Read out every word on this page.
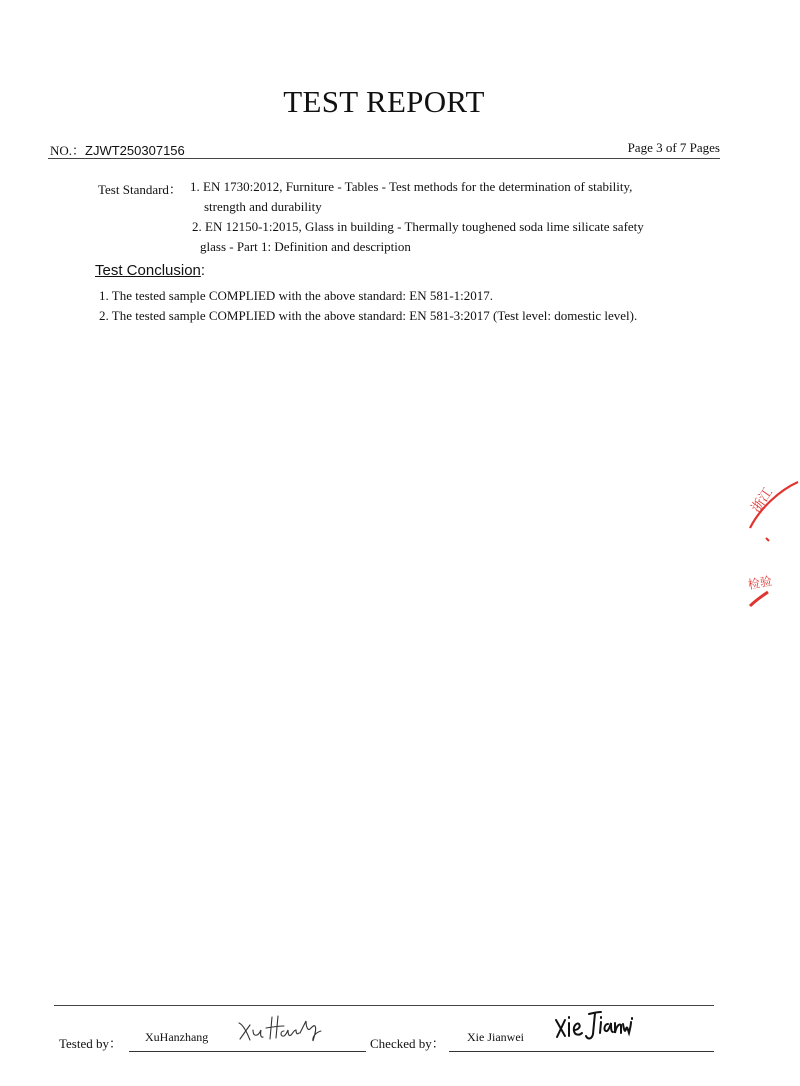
TEST REPORT
NO.：ZJWT250307156	Page 3 of 7 Pages
Test Standard： 1. EN 1730:2012, Furniture - Tables - Test methods for the determination of stability,
strength and durability
2. EN 12150-1:2015, Glass in building - Thermally toughened soda lime silicate safety
glass - Part 1: Definition and description
Test Conclusion:
1. The tested sample COMPLIED with the above standard: EN 581-1:2017.
2. The tested sample COMPLIED with the above standard: EN 581-3:2017 (Test level: domestic level).
浙江
检验
Tested by： XuHanzhang	Checked by： Xie Jianwei
